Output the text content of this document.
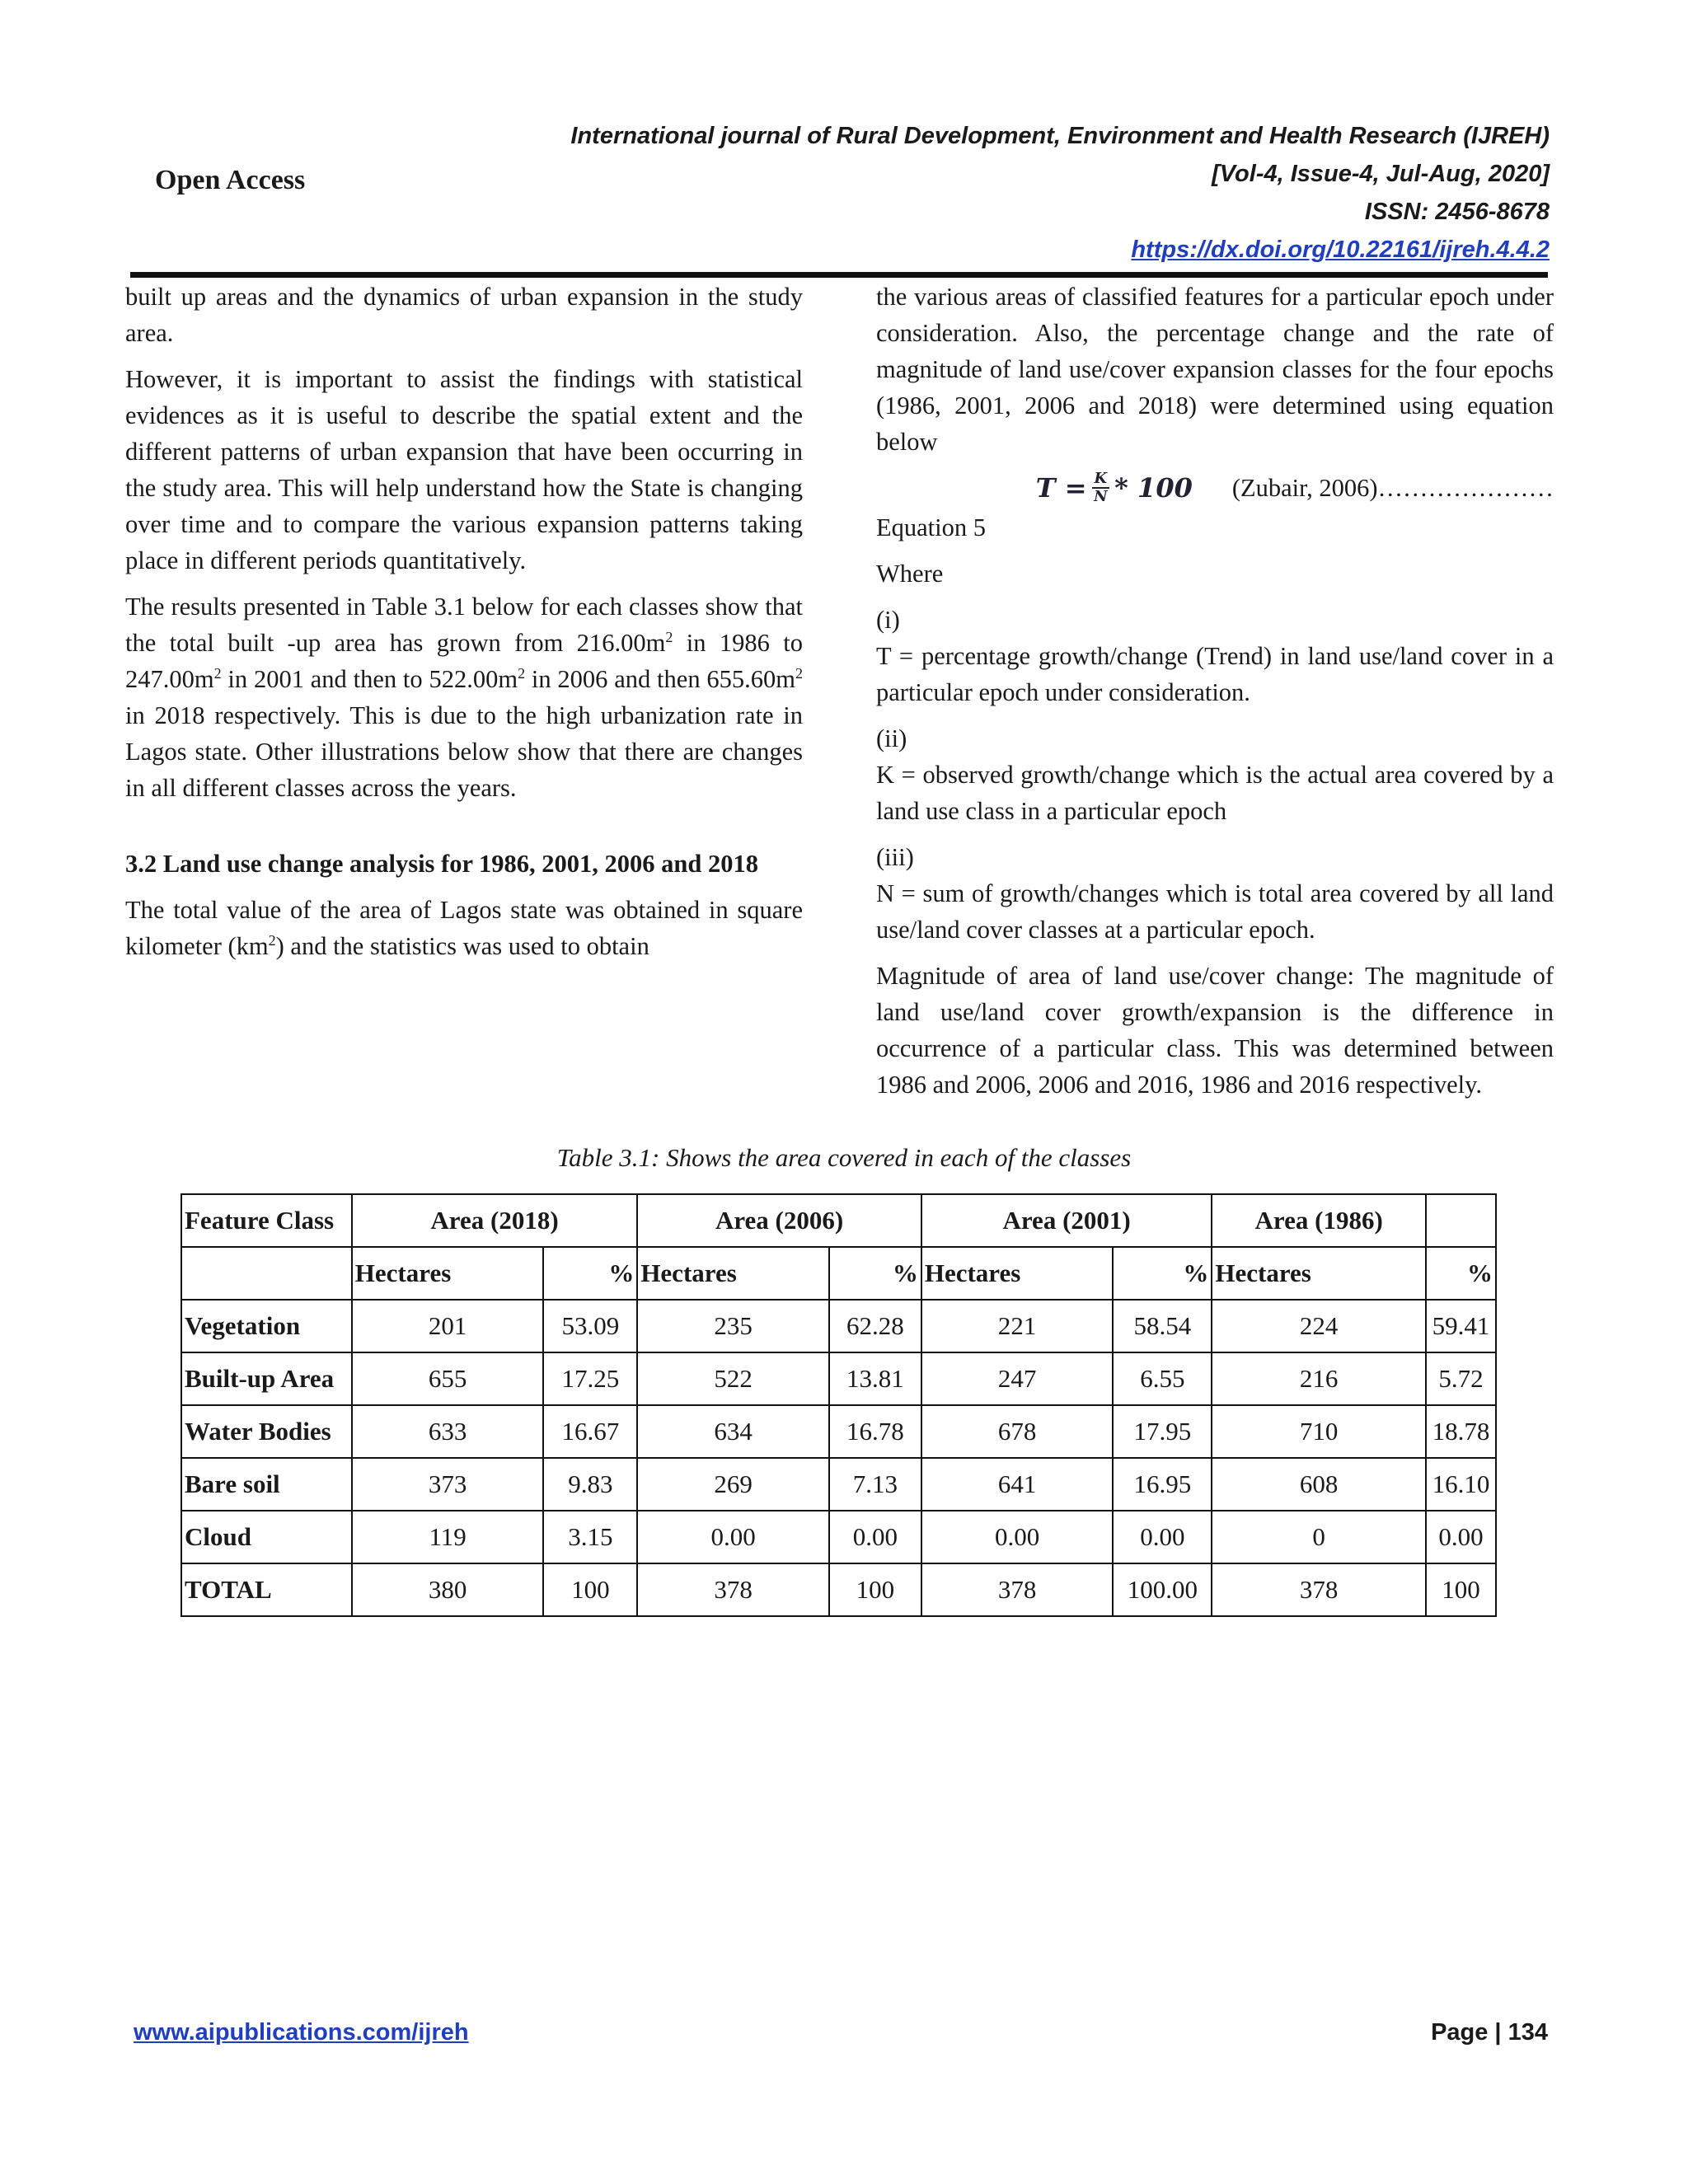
International journal of Rural Development, Environment and Health Research (IJREH)
[Vol-4, Issue-4, Jul-Aug, 2020]
ISSN: 2456-8678
https://dx.doi.org/10.22161/ijreh.4.4.2
Open Access

built up areas and the dynamics of urban expansion in the study area.

However, it is important to assist the findings with statistical evidences as it is useful to describe the spatial extent and the different patterns of urban expansion that have been occurring in the study area. This will help understand how the State is changing over time and to compare the various expansion patterns taking place in different periods quantitatively.

The results presented in Table 3.1 below for each classes show that the total built -up area has grown from $216.00m^2$ in 1986 to $247.00m^2$ in 2001 and then to $522.00m^2$ in 2006 and then $655.60m^2$ in 2018 respectively. This is due to the high urbanization rate in Lagos state. Other illustrations below show that there are changes in all different classes across the years.

3.2 Land use change analysis for 1986, 2001, 2006 and 2018

The total value of the area of Lagos state was obtained in square kilometer $(km^2)$ and the statistics was used to obtain

the various areas of classified features for a particular epoch under consideration. Also, the percentage change and the rate of magnitude of land use/cover expansion classes for the four epochs (1986, 2001, 2006 and 2018) were determined using equation below

$T = \frac{K}{N} * 100$ (Zubair, 2006)…………………

Equation 5

Where

(i)
T = percentage growth/change (Trend) in land use/land cover in a particular epoch under consideration.

(ii)
K = observed growth/change which is the actual area covered by a land use class in a particular epoch

(iii)
N = sum of growth/changes which is total area covered by all land use/land cover classes at a particular epoch.

Magnitude of area of land use/cover change: The magnitude of land use/land cover growth/expansion is the difference in occurrence of a particular class. This was determined between 1986 and 2006, 2006 and 2016, 1986 and 2016 respectively.

Table 3.1: Shows the area covered in each of the classes
Feature Class	Area (2018)		Area (2006)		Area (2001)		Area (1986)	
	Hectares	%	Hectares	%	Hectares	%	Hectares	%
Vegetation	201	53.09	235	62.28	221	58.54	224	59.41
Built-up Area	655	17.25	522	13.81	247	6.55	216	5.72
Water Bodies	633	16.67	634	16.78	678	17.95	710	18.78
Bare soil	373	9.83	269	7.13	641	16.95	608	16.10
Cloud	119	3.15	0.00	0.00	0.00	0.00	0	0.00
TOTAL	380	100	378	100	378	100.00	378	100
www.aipublications.com/ijreh	Page | 134
